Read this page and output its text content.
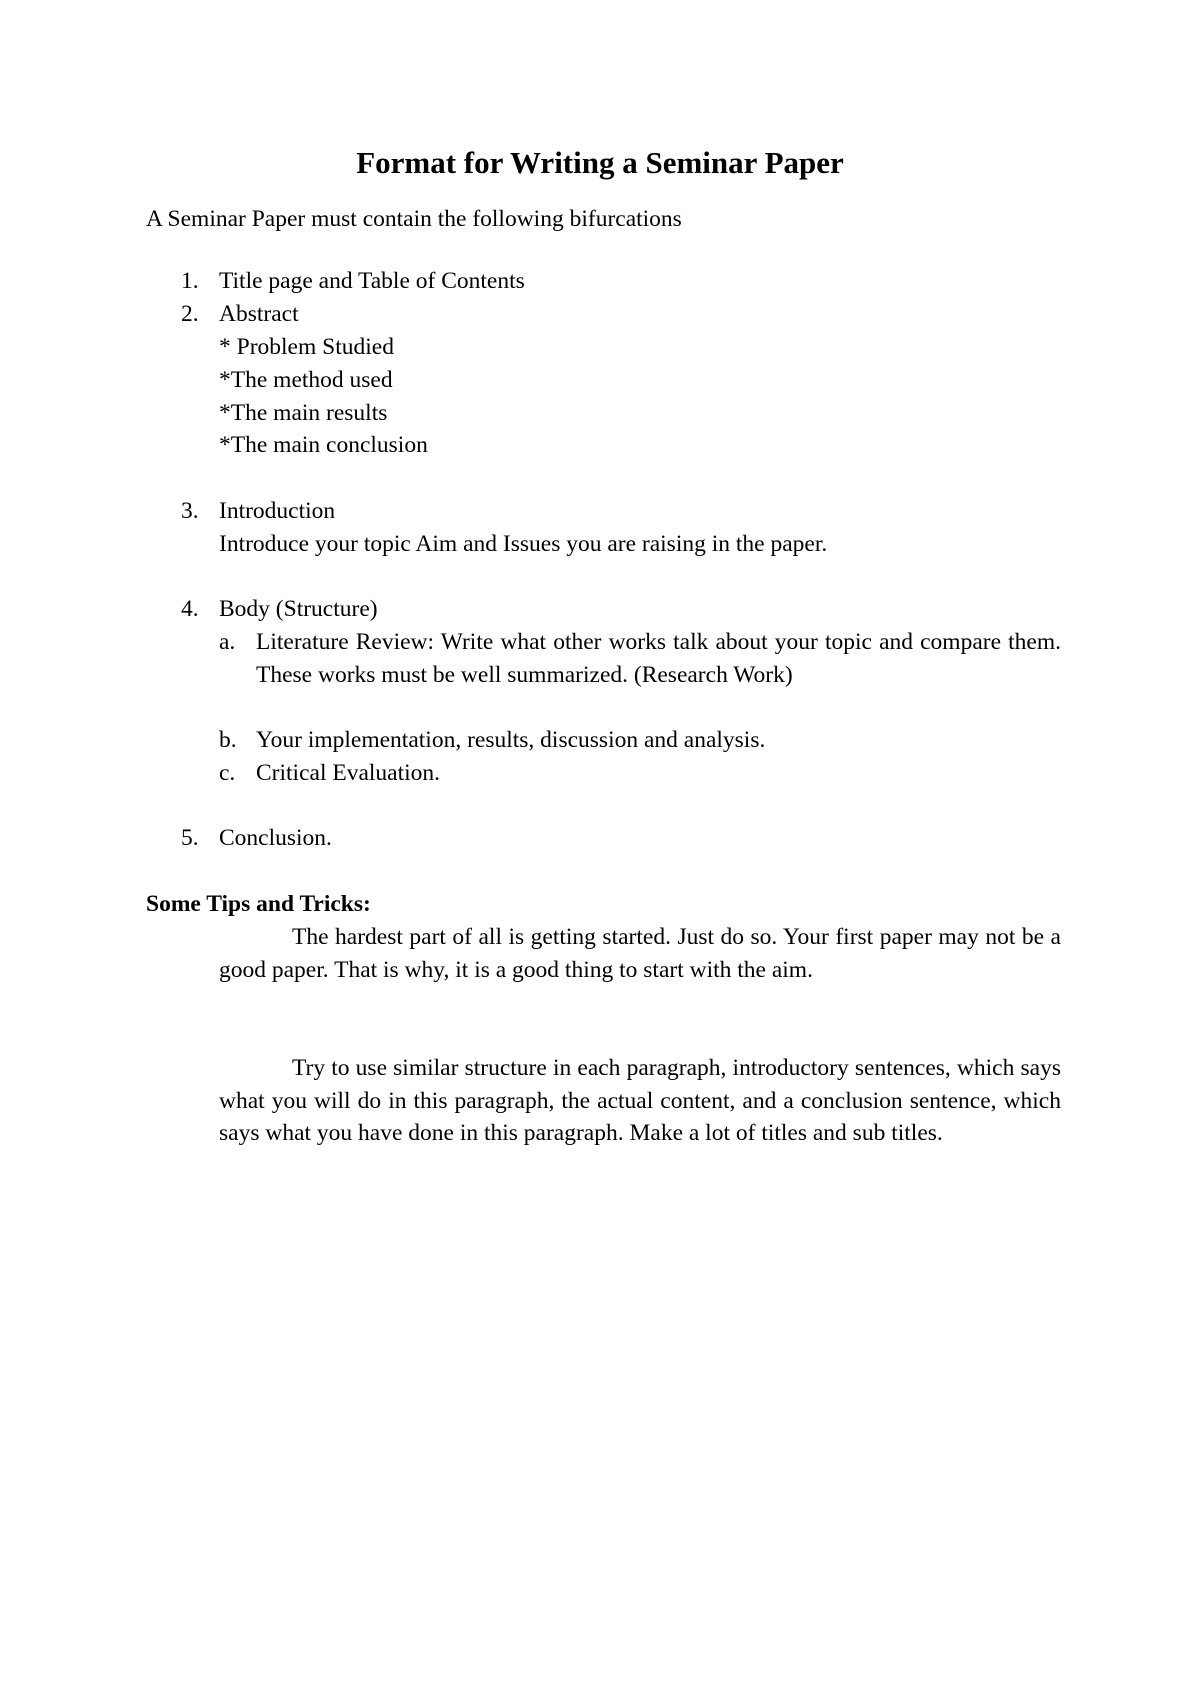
Format for Writing a Seminar Paper

A Seminar Paper must contain the following bifurcations

1. Title page and Table of Contents
2. Abstract
* Problem Studied
*The method used
*The main results
*The main conclusion
3. Introduction
Introduce your topic Aim and Issues you are raising in the paper.
4. Body (Structure)
a. Literature Review: Write what other works talk about your topic and compare them. These works must be well summarized. (Research Work)

b. Your implementation, results, discussion and analysis.
c. Critical Evaluation.
5. Conclusion.
Some Tips and Tricks:

The hardest part of all is getting started. Just do so. Your first paper may not be a good paper. That is why, it is a good thing to start with the aim.

Try to use similar structure in each paragraph, introductory sentences, which says what you will do in this paragraph, the actual content, and a conclusion sentence, which says what you have done in this paragraph. Make a lot of titles and sub titles.
